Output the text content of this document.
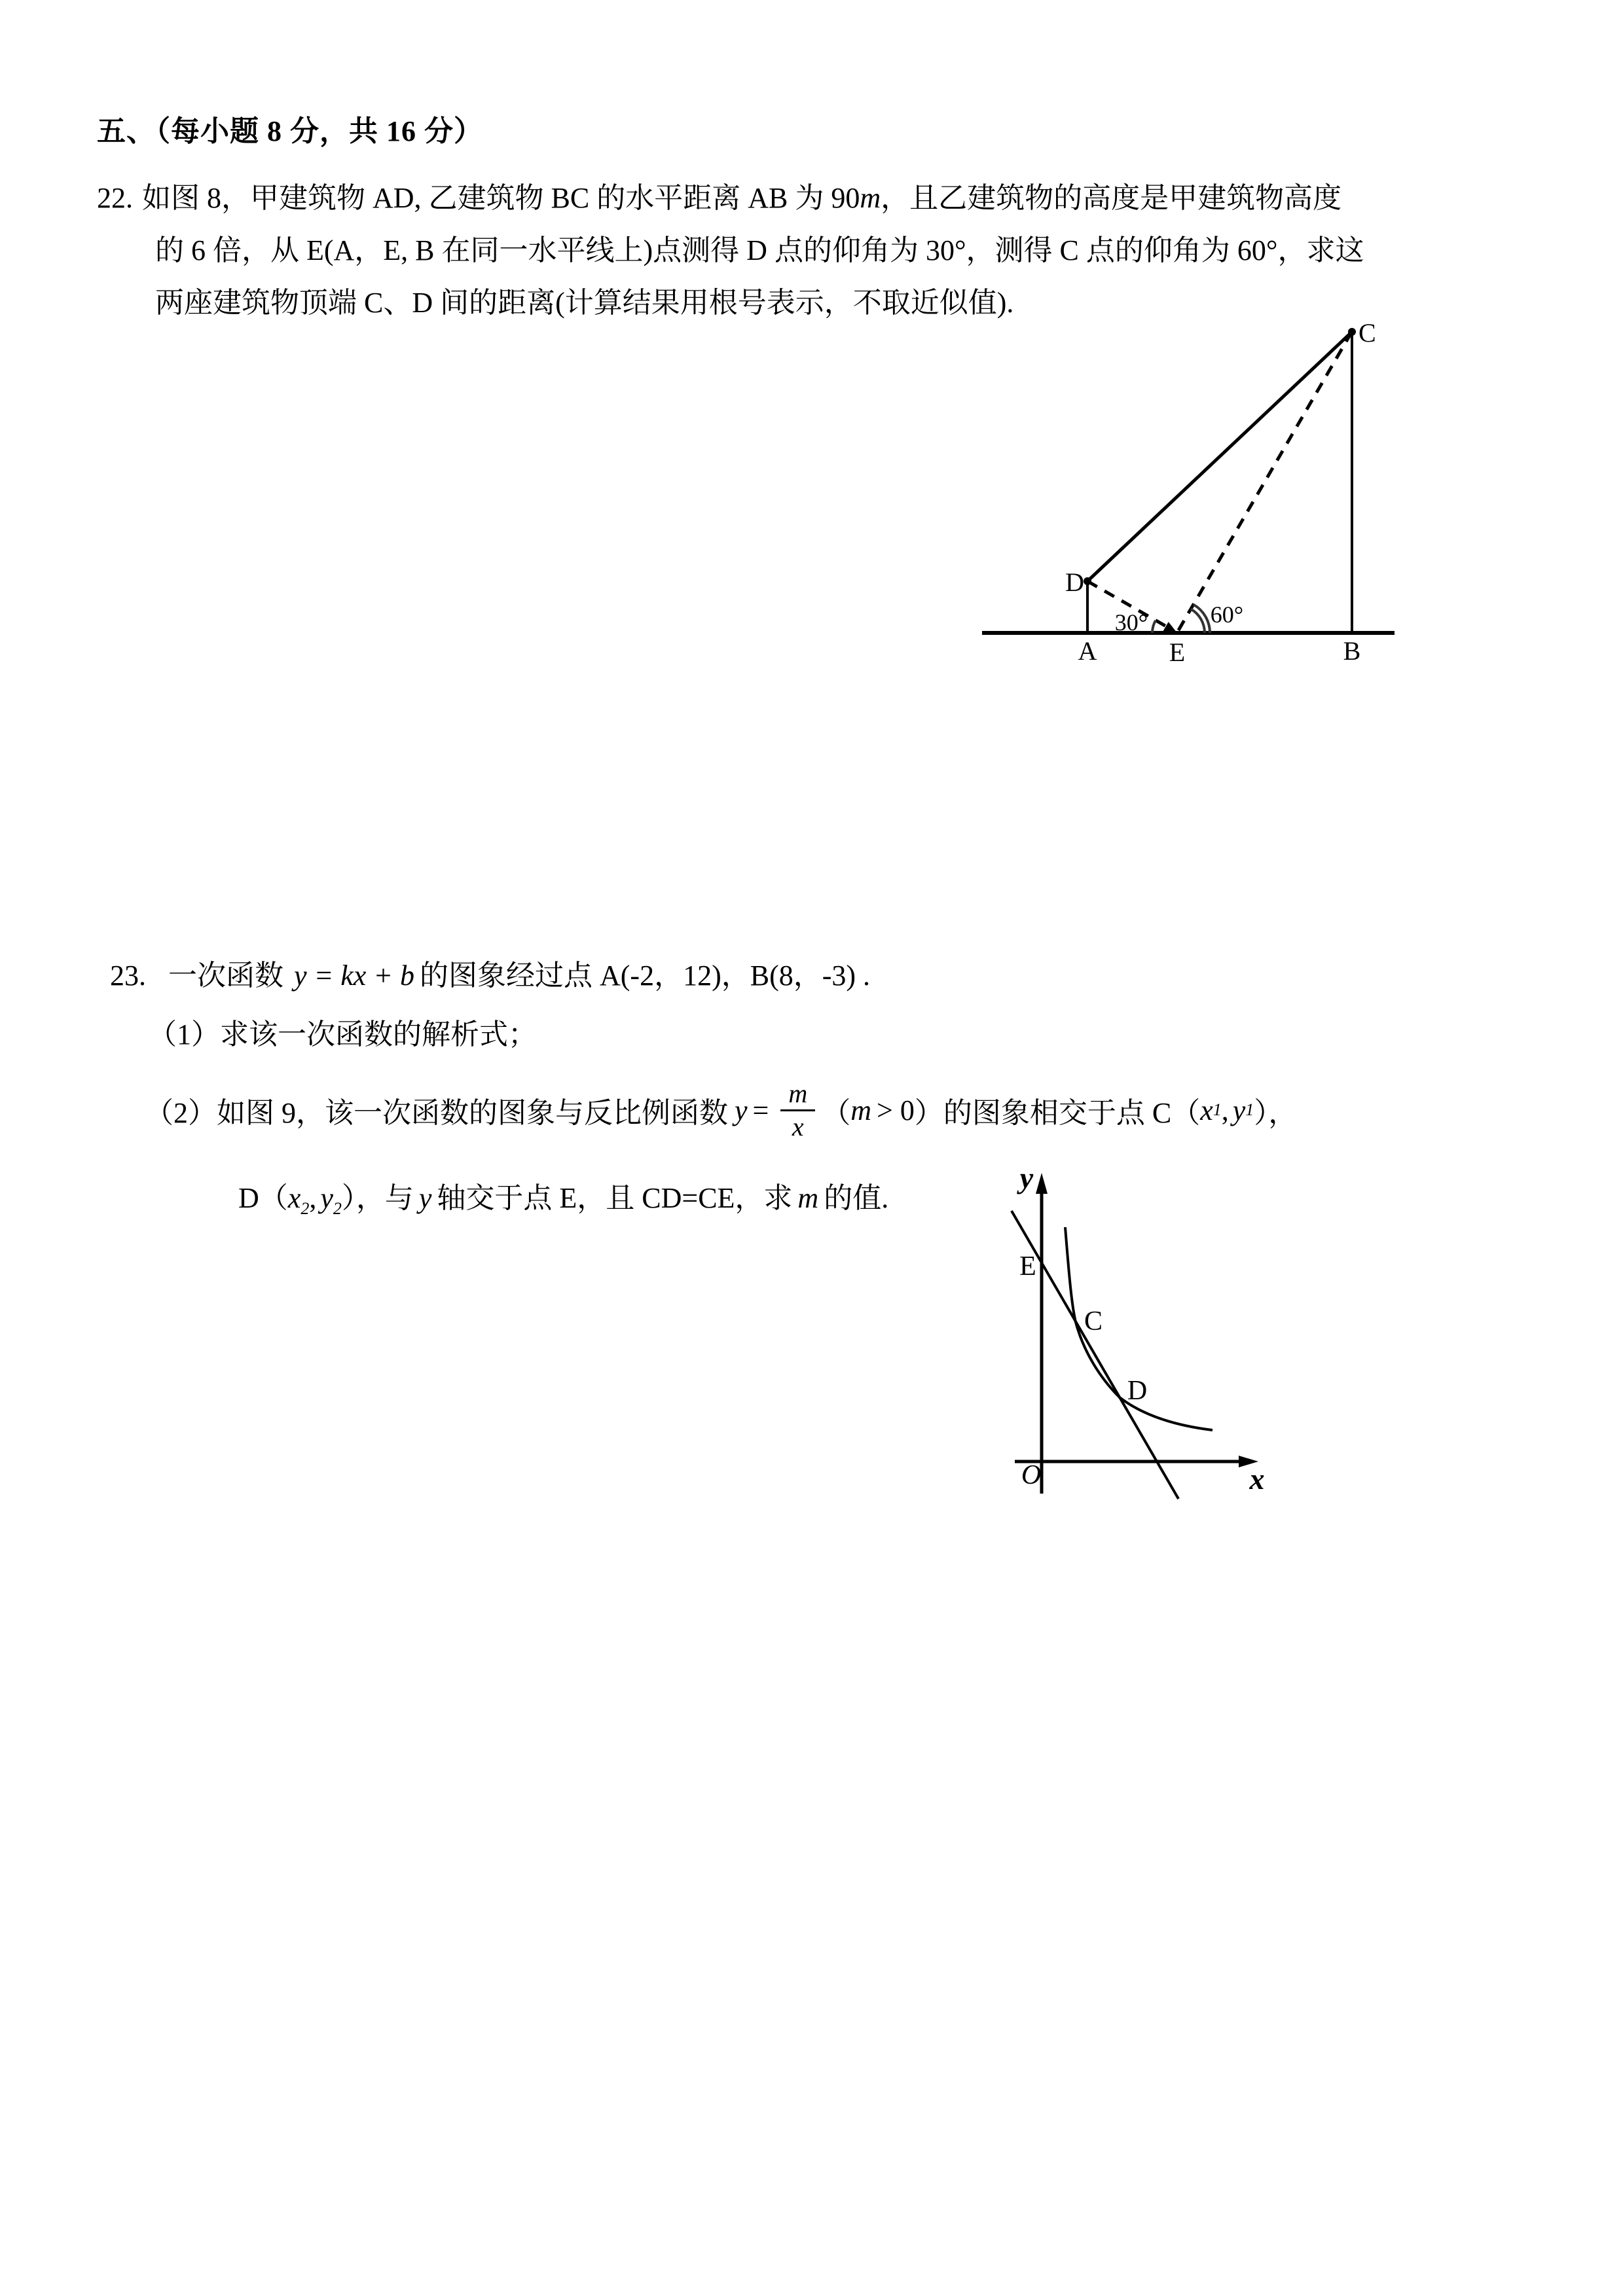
五、（每小题 8 分，共 16 分）
22. 如图 8，甲建筑物 AD, 乙建筑物 BC 的水平距离 AB 为 90m，且乙建筑物的高度是甲建筑物高度
的 6 倍，从 E(A，E, B 在同一水平线上)点测得 D 点的仰角为 30°，测得 C 点的仰角为 60°，求这
两座建筑物顶端 C、D 间的距离(计算结果用根号表示，不取近似值).
C
D
A	E	B
30°	60°
23. 一次函数 y = kx + b 的图象经过点 A(-2，12)，B(8，-3) .
（1）求该一次函数的解析式；
（2）如图 9，该一次函数的图象与反比例函数 $y = \frac{m}{x}$ （ m > 0 ）的图象相交于点 C（ x 1 , y 1 ），
$D(x_2$, $y_2$），与 y 轴交于点 E，且 CD=CE，求 m 的值.
y
x
O
E
C
D
